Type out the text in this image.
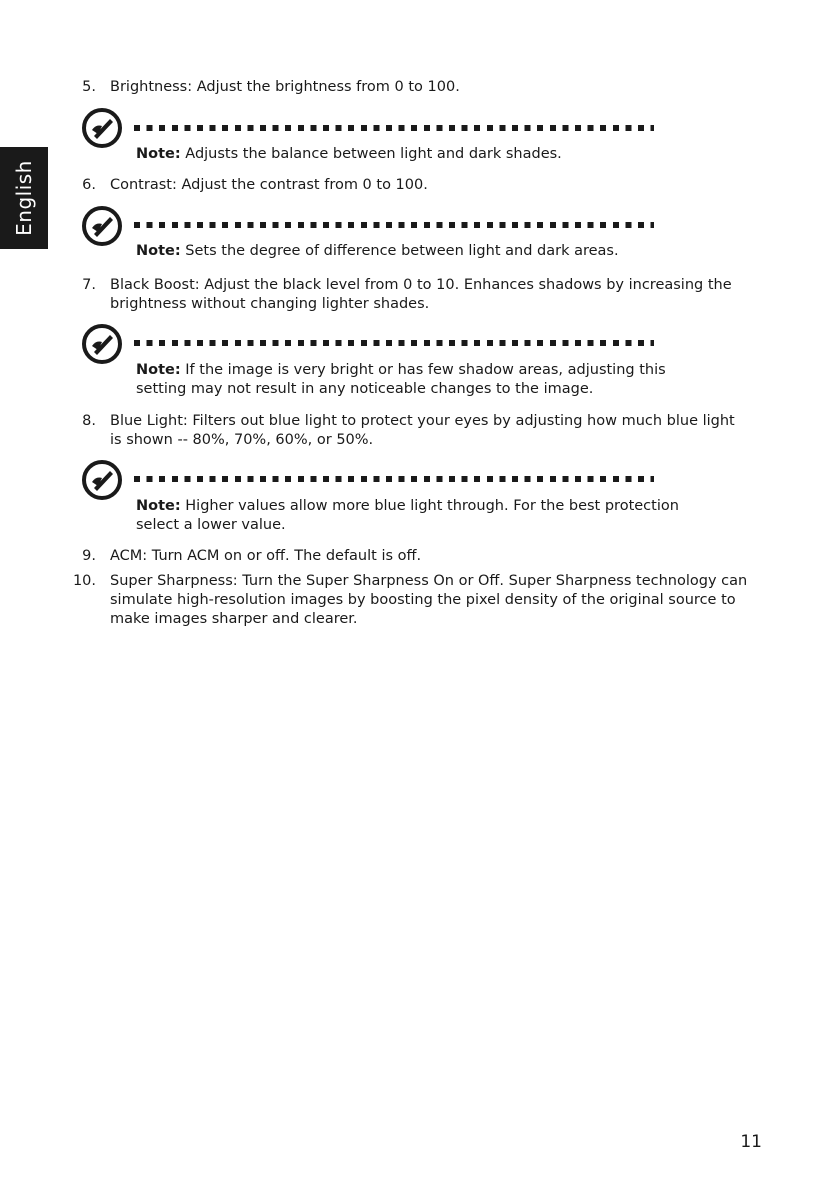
English
5. Brightness: Adjust the brightness from 0 to 100.
Note: Adjusts the balance between light and dark shades.
6. Contrast: Adjust the contrast from 0 to 100.
Note: Sets the degree of difference between light and dark areas.
7. Black Boost: Adjust the black level from 0 to 10. Enhances shadows by increasing the brightness without changing lighter shades.
Note: If the image is very bright or has few shadow areas, adjusting this setting may not result in any noticeable changes to the image.
8. Blue Light: Filters out blue light to protect your eyes by adjusting how much blue light is shown -- 80%, 70%, 60%, or 50%.
Note: Higher values allow more blue light through. For the best protection select a lower value.
9. ACM: Turn ACM on or off. The default is off.
10. Super Sharpness: Turn the Super Sharpness On or Off. Super Sharpness technology can simulate high-resolution images by boosting the pixel density of the original source to make images sharper and clearer.
11
